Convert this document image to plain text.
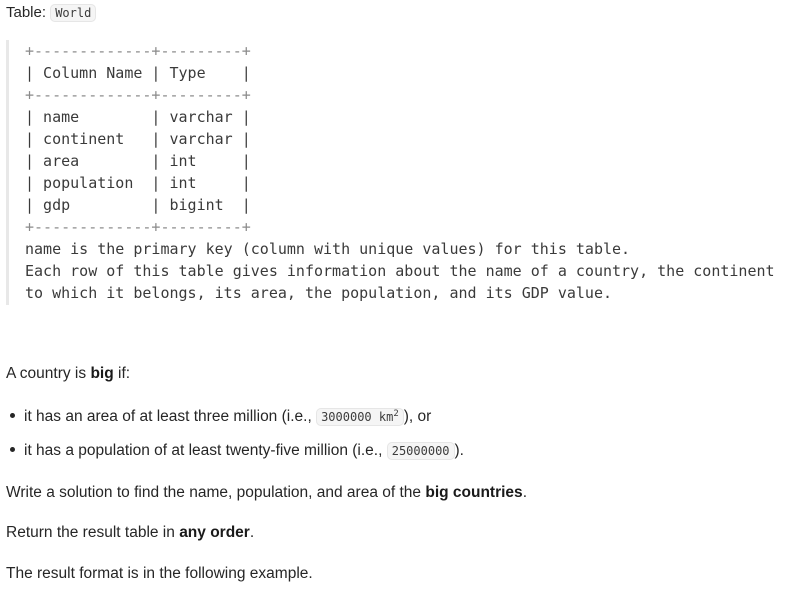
Table: World
+-------------+---------+
| Column Name | Type    |
+-------------+---------+
| name        | varchar |
| continent   | varchar |
| area        | int     |
| population  | int     |
| gdp         | bigint  |
+-------------+---------+
name is the primary key (column with unique values) for this table.
Each row of this table gives information about the name of a country, the continent
to which it belongs, its area, the population, and its GDP value.
A country is big if:
it has an area of at least three million (i.e., 3000000 $km^2$ ), or
it has a population of at least twenty-five million (i.e., 25000000 ).
Write a solution to find the name, population, and area of the big countries.
Return the result table in any order.
The result format is in the following example.
